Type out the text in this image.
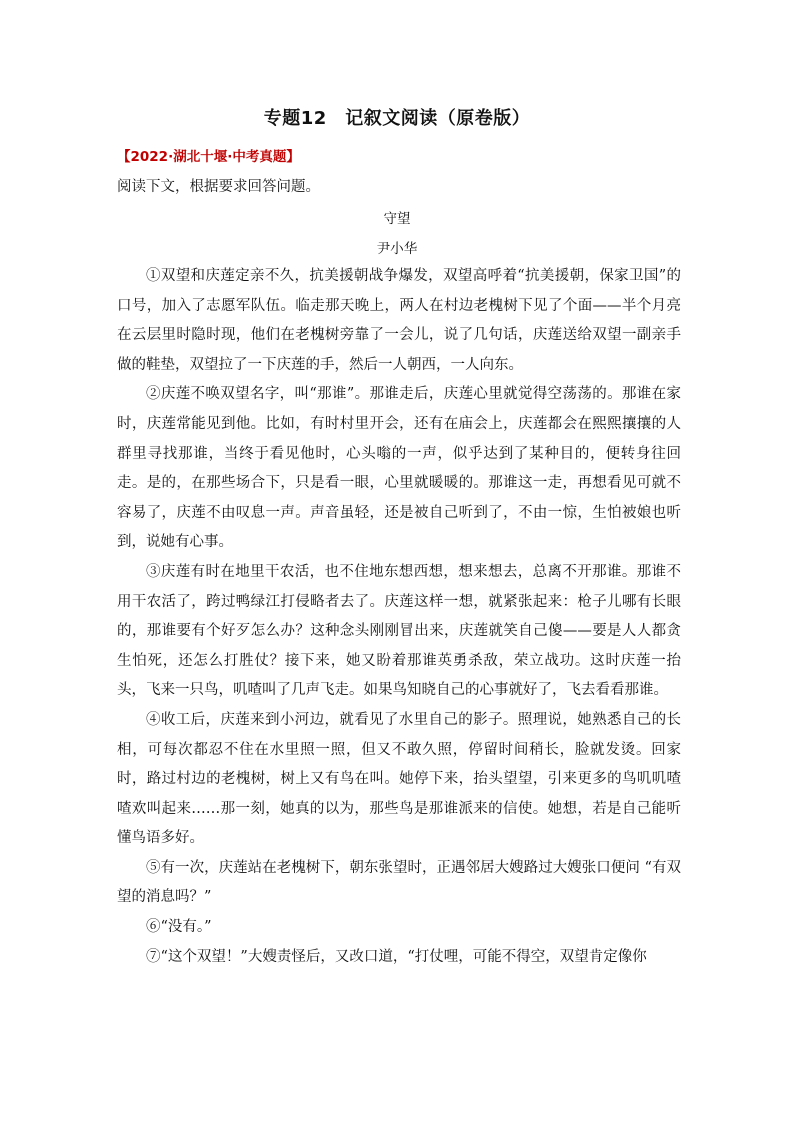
专题12　记叙文阅读（原卷版）
【2022·湖北十堰·中考真题】
阅读下文，根据要求回答问题。
守望
尹小华

①双望和庆莲定亲不久，抗美援朝战争爆发，双望高呼着“抗美援朝，保家卫国”的口号，加入了志愿军队伍。临走那天晚上，两人在村边老槐树下见了个面——半个月亮在云层里时隐时现，他们在老槐树旁靠了一会儿，说了几句话，庆莲送给双望一副亲手做的鞋垫，双望拉了一下庆莲的手，然后一人朝西，一人向东。

②庆莲不唤双望名字，叫“那谁”。那谁走后，庆莲心里就觉得空荡荡的。那谁在家时，庆莲常能见到他。比如，有时村里开会，还有在庙会上，庆莲都会在熙熙攘攘的人群里寻找那谁，当终于看见他时，心头嗡的一声，似乎达到了某种目的，便转身往回走。是的，在那些场合下，只是看一眼，心里就暖暖的。那谁这一走，再想看见可就不容易了，庆莲不由叹息一声。声音虽轻，还是被自己听到了，不由一惊，生怕被娘也听到，说她有心事。

③庆莲有时在地里干农活，也不住地东想西想，想来想去，总离不开那谁。那谁不用干农活了，跨过鸭绿江打侵略者去了。庆莲这样一想，就紧张起来：枪子儿哪有长眼的，那谁要有个好歹怎么办？这种念头刚刚冒出来，庆莲就笑自己傻——要是人人都贪生怕死，还怎么打胜仗？接下来，她又盼着那谁英勇杀敌，荣立战功。这时庆莲一抬头，飞来一只鸟，叽喳叫了几声飞走。如果鸟知晓自己的心事就好了，飞去看看那谁。

④收工后，庆莲来到小河边，就看见了水里自己的影子。照理说，她熟悉自己的长相，可每次都忍不住在水里照一照，但又不敢久照，停留时间稍长，脸就发烫。回家时，路过村边的老槐树，树上又有鸟在叫。她停下来，抬头望望，引来更多的鸟叽叽喳喳欢叫起来……那一刻，她真的以为，那些鸟是那谁派来的信使。她想，若是自己能听懂鸟语多好。

⑤有一次，庆莲站在老槐树下，朝东张望时，正遇邻居大嫂路过大嫂张口便问 “有双望的消息吗？”

⑥“没有。”

⑦“这个双望！”大嫂责怪后，又改口道，“打仗哩，可能不得空，双望肯定像你
